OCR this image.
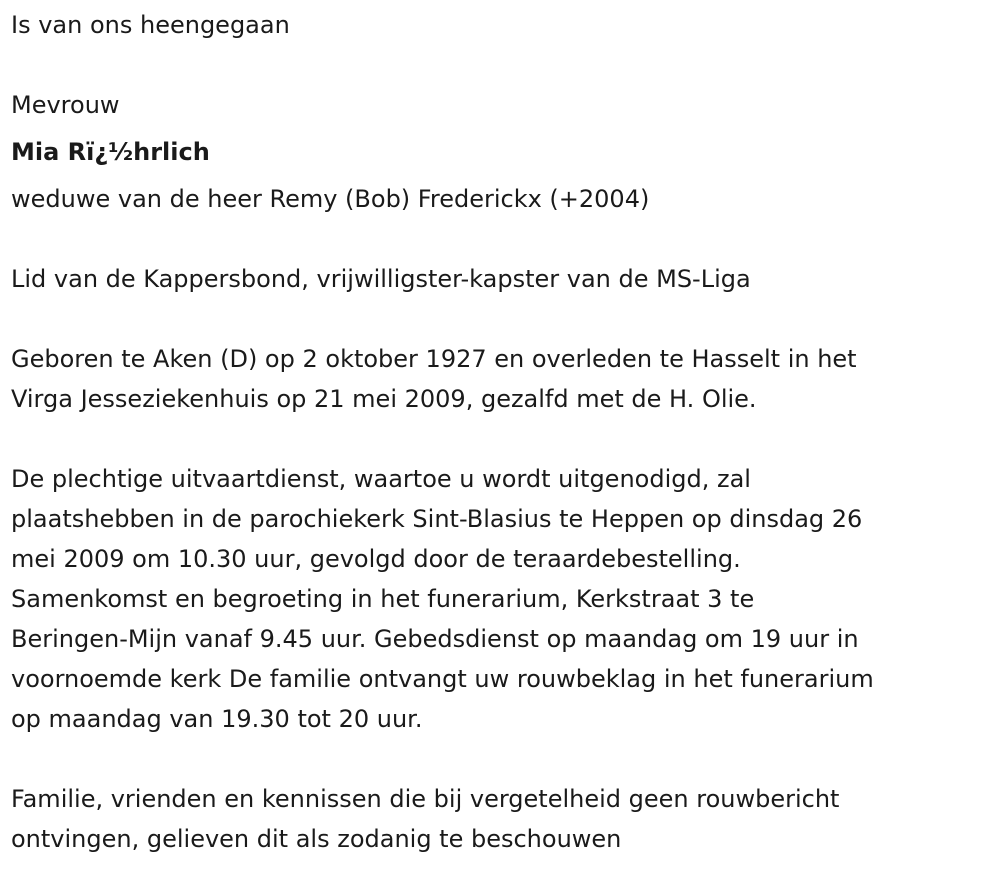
Is van ons heengegaan

Mevrouw

Mia Rï¿½hrlich

weduwe van de heer Remy (Bob) Frederickx (+2004)

Lid van de Kappersbond, vrijwilligster-kapster van de MS-Liga

Geboren te Aken (D) op 2 oktober 1927 en overleden te Hasselt in het
Virga Jesseziekenhuis op 21 mei 2009, gezalfd met de H. Olie.
De plechtige uitvaartdienst, waartoe u wordt uitgenodigd, zal
plaatshebben in de parochiekerk Sint-Blasius te Heppen op dinsdag 26
mei 2009 om 10.30 uur, gevolgd door de teraardebestelling.
Samenkomst en begroeting in het funerarium, Kerkstraat 3 te
Beringen-Mijn vanaf 9.45 uur. Gebedsdienst op maandag om 19 uur in
voornoemde kerk De familie ontvangt uw rouwbeklag in het funerarium
op maandag van 19.30 tot 20 uur.
Familie, vrienden en kennissen die bij vergetelheid geen rouwbericht
ontvingen, gelieven dit als zodanig te beschouwen
